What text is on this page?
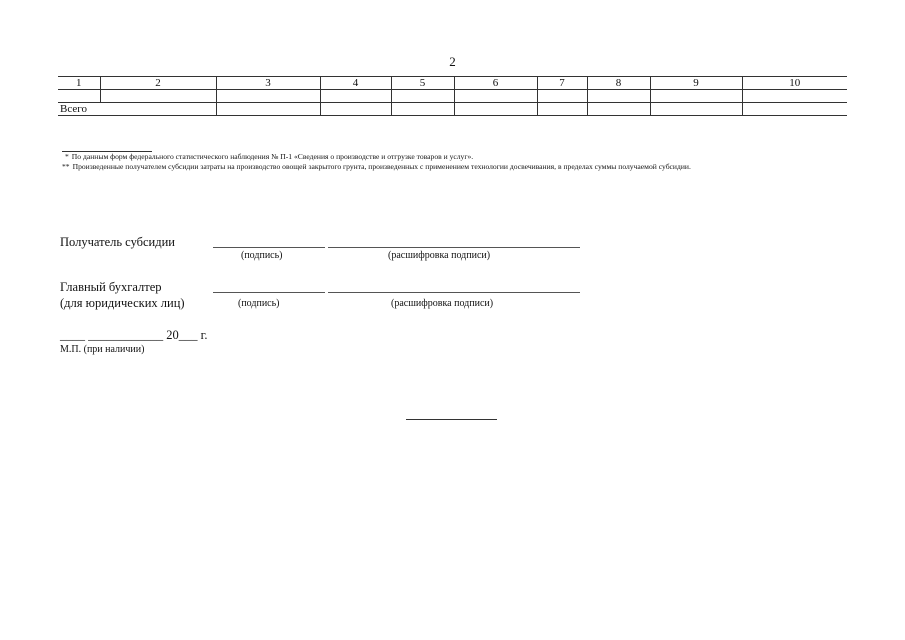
2
1	2	3	4	5	6	7	8	9	10

Всего									
* По данным форм федерального статистического наблюдения № П-1 «Сведения о производстве и отгрузке товаров и услуг».
** Произведенные получателем субсидии затраты на производство овощей закрытого грунта, произведенных с применением технологии досвечивания, в пределах суммы получаемой субсидии.
Получатель субсидии
(подпись)	(расшифровка подписи)
Главный бухгалтер
(для юридических лиц)	(подпись)	(расшифровка подписи)
____ ____________ 20___ г.
М.П. (при наличии)
